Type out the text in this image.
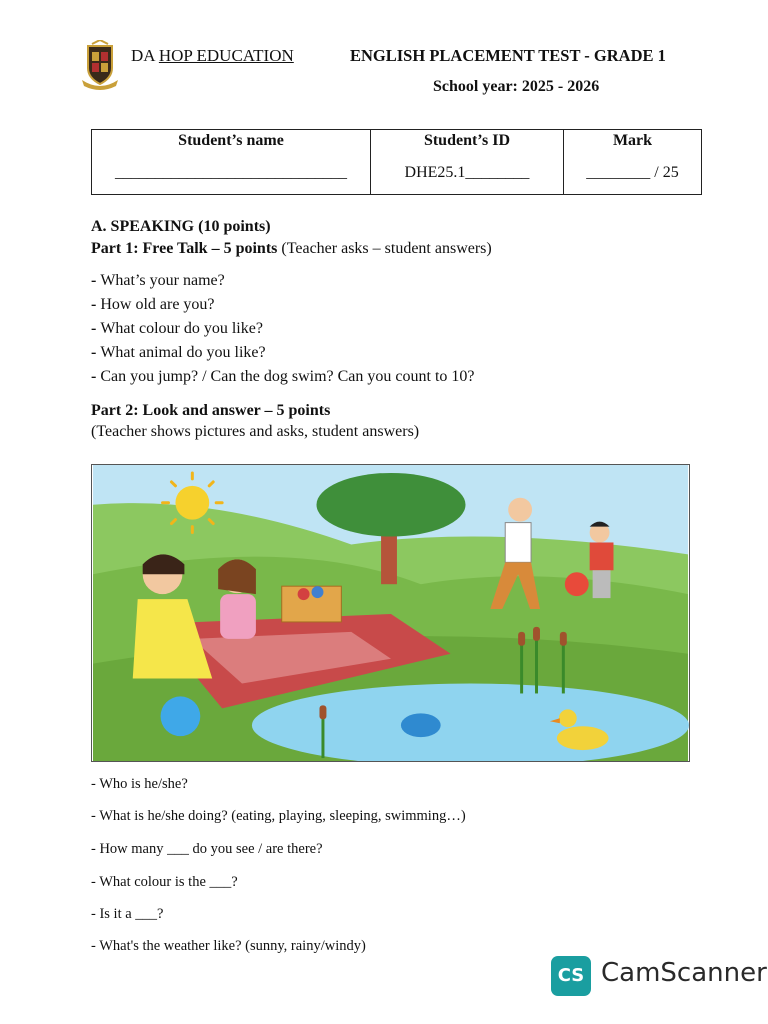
DA HOP EDUCATION	ENGLISH PLACEMENT TEST - GRADE 1
School year: 2025 - 2026
Student’s name
_____________________________

Student’s ID
DHE25.1________

Mark
________ / 25
A. SPEAKING (10 points)
Part 1: Free Talk – 5 points (Teacher asks – student answers)
- What’s your name?
- How old are you?
- What colour do you like?
- What animal do you like?
- Can you jump? / Can the dog swim? Can you count to 10?
Part 2: Look and answer – 5 points
(Teacher shows pictures and asks, student answers)
- Who is he/she?
- What is he/she doing? (eating, playing, sleeping, swimming…)
- How many ___ do you see / are there?
- What colour is the ___?
- Is it a ___?
- What's the weather like? (sunny, rainy/windy)
CS CamScanner
